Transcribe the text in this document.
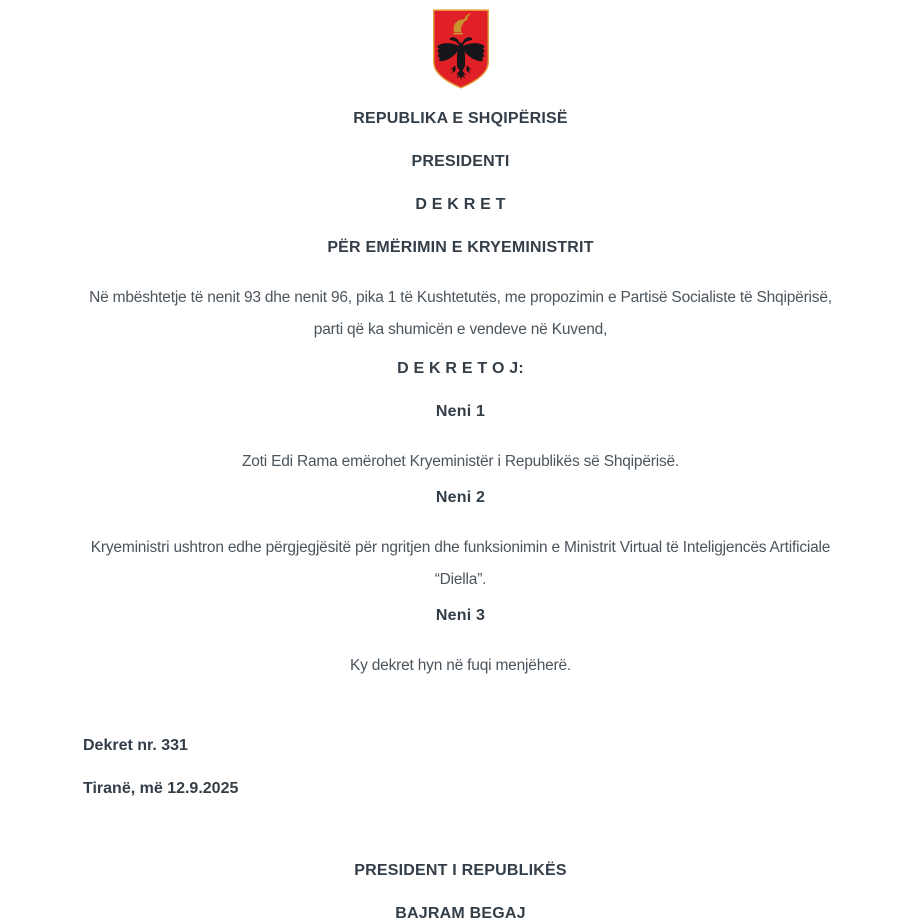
REPUBLIKA E SHQIPËRISË
PRESIDENTI
D E K R E T
PËR EMËRIMIN E KRYEMINISTRIT
Në mbështetje të nenit 93 dhe nenit 96, pika 1 të Kushtetutës, me propozimin e Partisë Socialiste të Shqipërisë,
parti që ka shumicën e vendeve në Kuvend,
D E K R E T O J:
Neni 1
Zoti Edi Rama emërohet Kryeministër i Republikës së Shqipërisë.
Neni 2
Kryeministri ushtron edhe përgjegjësitë për ngritjen dhe funksionimin e Ministrit Virtual të Inteligjencës Artificiale
“Diella”.
Neni 3
Ky dekret hyn në fuqi menjëherë.
Dekret nr. 331
Tiranë, më 12.9.2025
PRESIDENT I REPUBLIKËS
BAJRAM BEGAJ
